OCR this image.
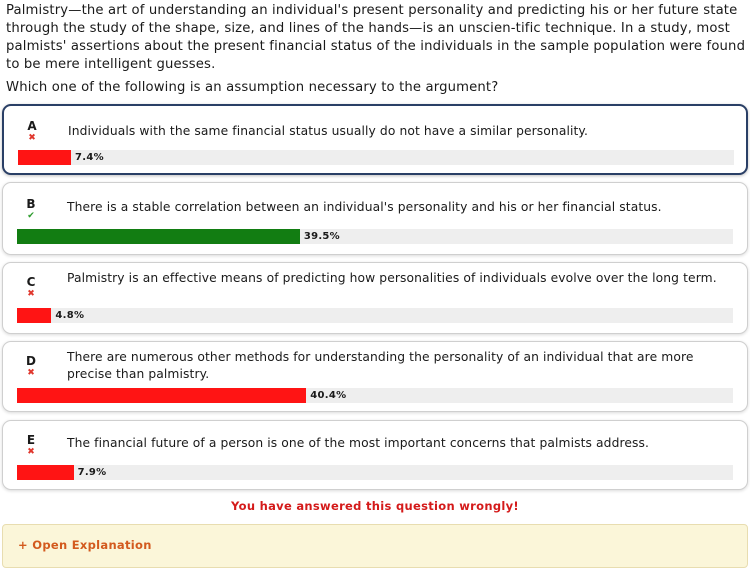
Palmistry—the art of understanding an individual's present personality and predicting his or her future state through the study of the shape, size, and lines of the hands—is an unscien-tific technique. In a study, most palmists' assertions about the present financial status of the individuals in the sample population were found to be mere intelligent guesses.
Which one of the following is an assumption necessary to the argument?
A
✖	Individuals with the same financial status usually do not have a similar personality.
7.4%
B
✔
There is a stable correlation between an individual's personality and his or her financial status.
39.5%
C
✖
Palmistry is an effective means of predicting how personalities of individuals evolve over the long term.
4.8%
D
✖
There are numerous other methods for understanding the personality of an individual that are more precise than palmistry.
40.4%
E
✖
The financial future of a person is one of the most important concerns that palmists address.
7.9%
You have answered this question wrongly!
+ Open Explanation
